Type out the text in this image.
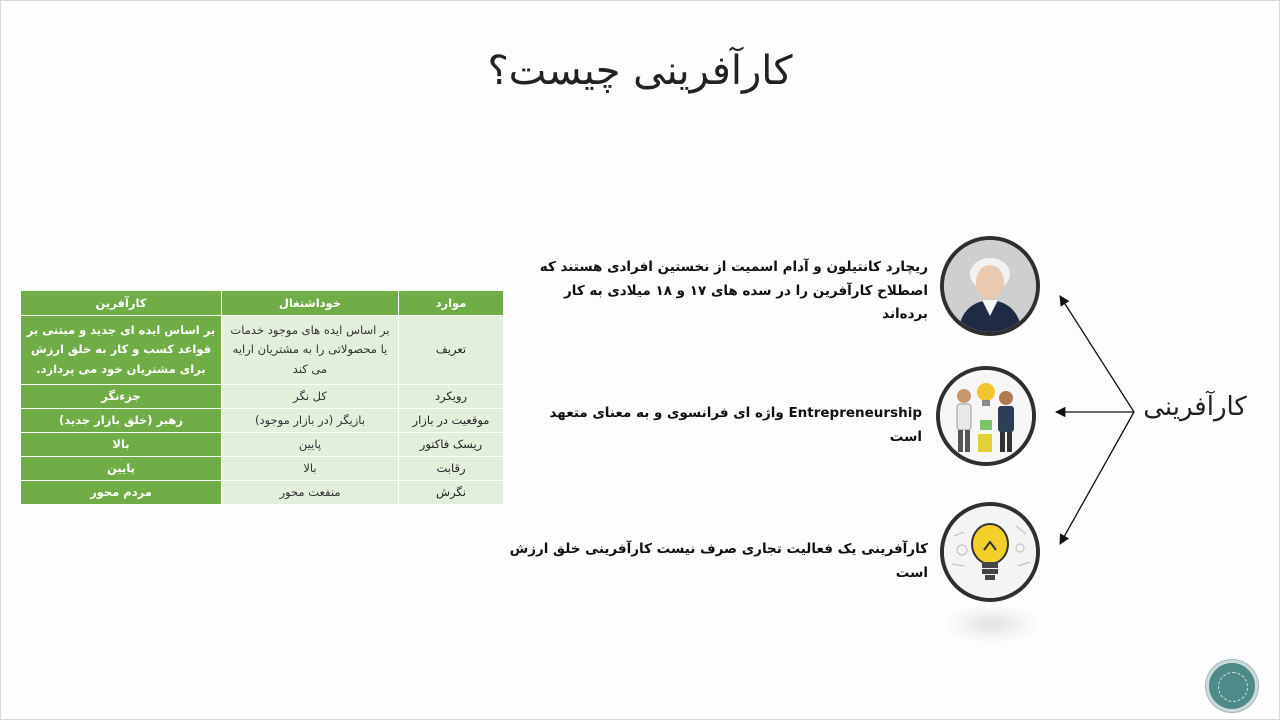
کارآفرینی چیست؟
موارد	خوداشتغال	کارآفرین
تعریف	بر اساس ایده های موجود خدمات یا محصولاتی را به مشتریان ارایه می کند	بر اساس ایده ای جدید و مبتنی بر قواعد کسب و کار به خلق ارزش برای مشتریان خود می پردازد.
رویکرد	کل نگر	جزءنگر
موقعیت در بازار	بازیگر (در بازار موجود)	رهبر (خلق بازار جدید)
ریسک فاکتور	پایین	بالا
رقابت	بالا	پایین
نگرش	منفعت محور	مردم محور
ریچارد کانتیلون و آدام اسمیت از نخستین افرادی هستند که اصطلاح کارآفرین را در سده های ۱۷ و ۱۸ میلادی به کار برده‌اند
Entrepreneurship واژه ای فرانسوی و به معنای متعهد است
کارآفرینی یک فعالیت تجاری صرف نیست کارآفرینی خلق ارزش است
کارآفرینی
